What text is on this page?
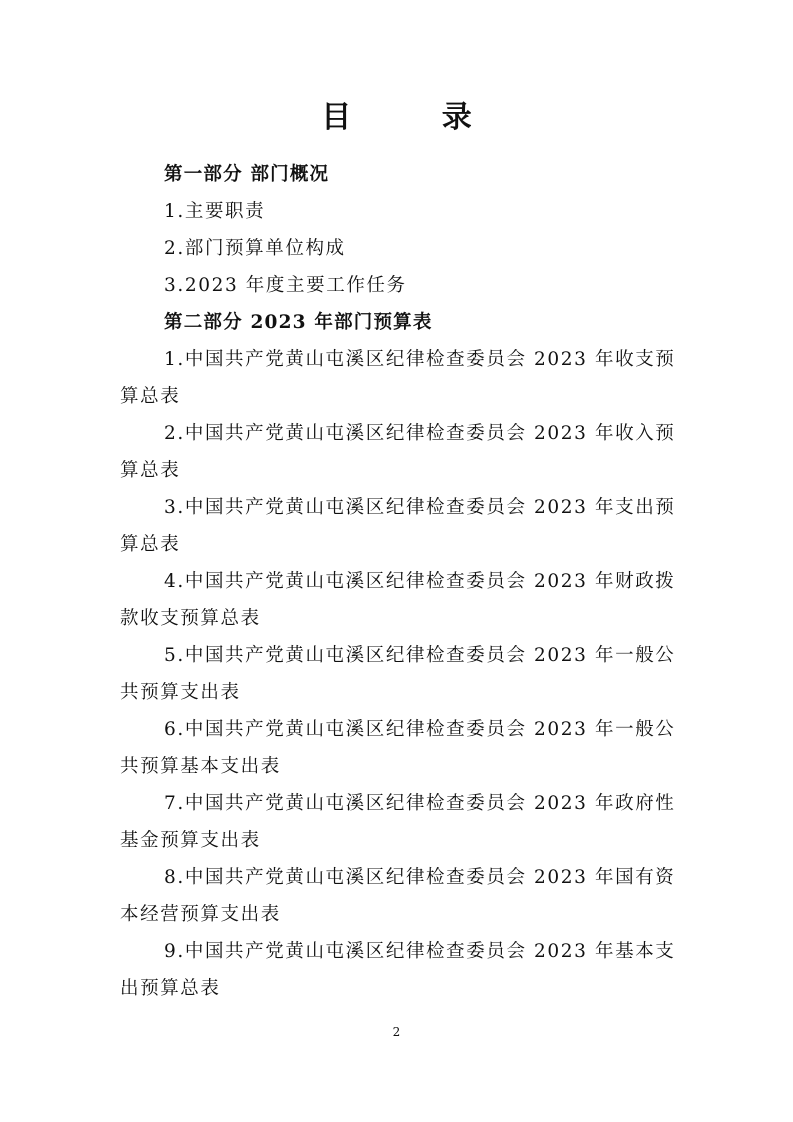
目 录
第一部分 部门概况
1.主要职责
2.部门预算单位构成
3.2023 年度主要工作任务
第二部分 2023 年部门预算表
1.中国共产党黄山屯溪区纪律检查委员会 2023 年收支预
算总表
2.中国共产党黄山屯溪区纪律检查委员会 2023 年收入预
算总表
3.中国共产党黄山屯溪区纪律检查委员会 2023 年支出预
算总表
4.中国共产党黄山屯溪区纪律检查委员会 2023 年财政拨
款收支预算总表
5.中国共产党黄山屯溪区纪律检查委员会 2023 年一般公
共预算支出表
6.中国共产党黄山屯溪区纪律检查委员会 2023 年一般公
共预算基本支出表
7.中国共产党黄山屯溪区纪律检查委员会 2023 年政府性
基金预算支出表
8.中国共产党黄山屯溪区纪律检查委员会 2023 年国有资
本经营预算支出表
9.中国共产党黄山屯溪区纪律检查委员会 2023 年基本支
出预算总表
2
